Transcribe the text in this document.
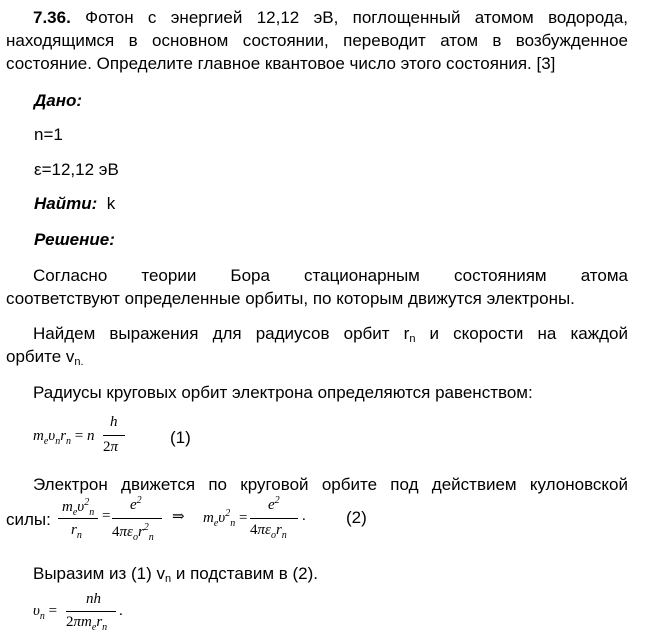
7.36. Фотон с энергией 12,12 эВ, поглощенный атомом водорода,
находящимся в основном состоянии, переводит атом в возбужденное
состояние. Определите главное квантовое число этого состояния. [3]
Дано:
n=1
ε=12,12 эВ
Найти: k
Решение:
Согласно теории Бора стационарным состояниям атома
соответствуют определенные орбиты, по которым движутся электроны.
Найдем выражения для радиусов орбит $r_n$ и скорости на каждой
орбите $v_{n.}$
Радиусы круговых орбит электрона определяются равенством:
$m_e\upsilon_nr_n = n$
h
2π	(1)
Электрон движется по круговой орбите под действием кулоновской
силы:
$m_e\upsilon^2_n$
$r_n$
=
$e^2$
$4\pi\varepsilon_or^2_n$
⇒ $m_e\upsilon^2_n$ =
$e^2$
$4\pi\varepsilon_or_n$
. (2)
Выразим из (1) $v_n$ и подставим в (2).
$\upsilon_n$ =
nh
$2\pi m_er_n$
.
